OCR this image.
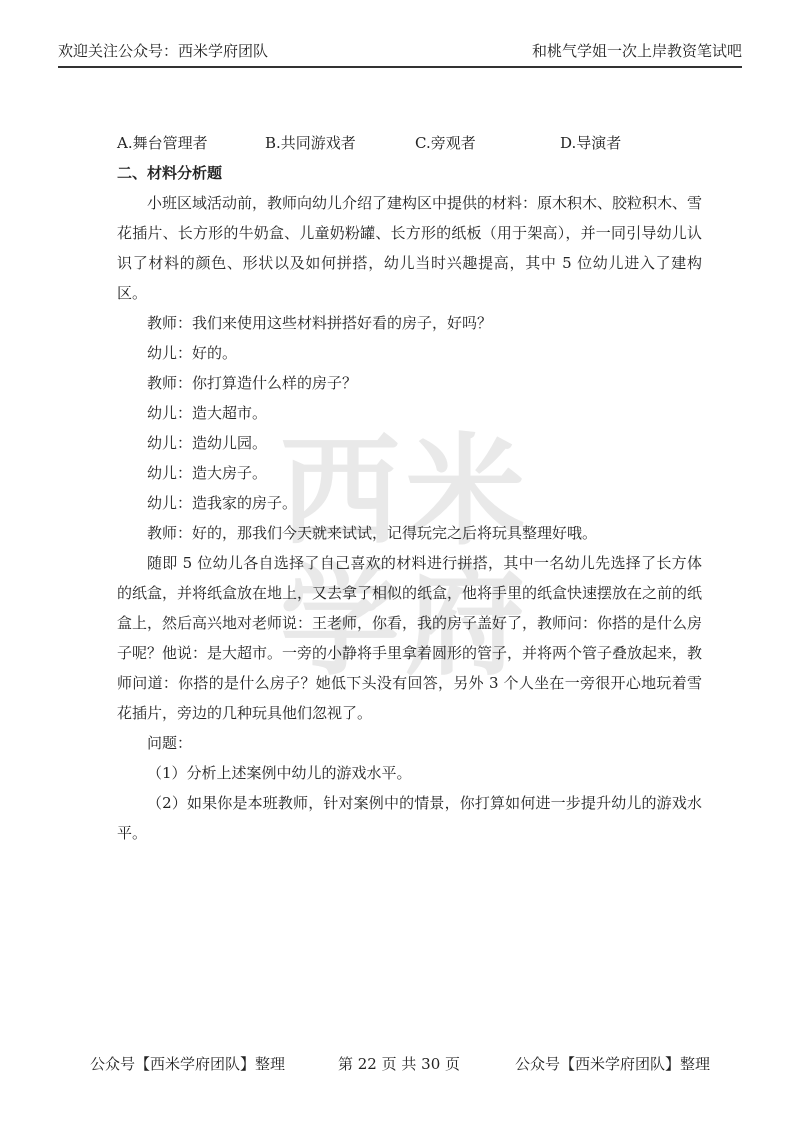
欢迎关注公众号：西米学府团队	和桃气学姐一次上岸教资笔试吧
西 米
学 府
A.舞台管理者	B.共同游戏者	C.旁观者	D.导演者
二、材料分析题

小班区域活动前，教师向幼儿介绍了建构区中提供的材料：原木积木、胶粒积木、雪花插片、长方形的牛奶盒、儿童奶粉罐、长方形的纸板（用于架高），并一同引导幼儿认识了材料的颜色、形状以及如何拼搭，幼儿当时兴趣提高，其中 5 位幼儿进入了建构区。

教师：我们来使用这些材料拼搭好看的房子，好吗？

幼儿：好的。

教师：你打算造什么样的房子？

幼儿：造大超市。

幼儿：造幼儿园。

幼儿：造大房子。

幼儿：造我家的房子。

教师：好的，那我们今天就来试试，记得玩完之后将玩具整理好哦。

随即 5 位幼儿各自选择了自己喜欢的材料进行拼搭，其中一名幼儿先选择了长方体的纸盒，并将纸盒放在地上，又去拿了相似的纸盒，他将手里的纸盒快速摆放在之前的纸盒上，然后高兴地对老师说：王老师，你看，我的房子盖好了，教师问：你搭的是什么房子呢？他说：是大超市。一旁的小静将手里拿着圆形的管子，并将两个管子叠放起来，教师问道：你搭的是什么房子？她低下头没有回答，另外 3 个人坐在一旁很开心地玩着雪花插片，旁边的几种玩具他们忽视了。

问题：

（1）分析上述案例中幼儿的游戏水平。

（2）如果你是本班教师，针对案例中的情景，你打算如何进一步提升幼儿的游戏水平。

公众号【西米学府团队】整理	第 22 页 共 30 页	公众号【西米学府团队】整理
